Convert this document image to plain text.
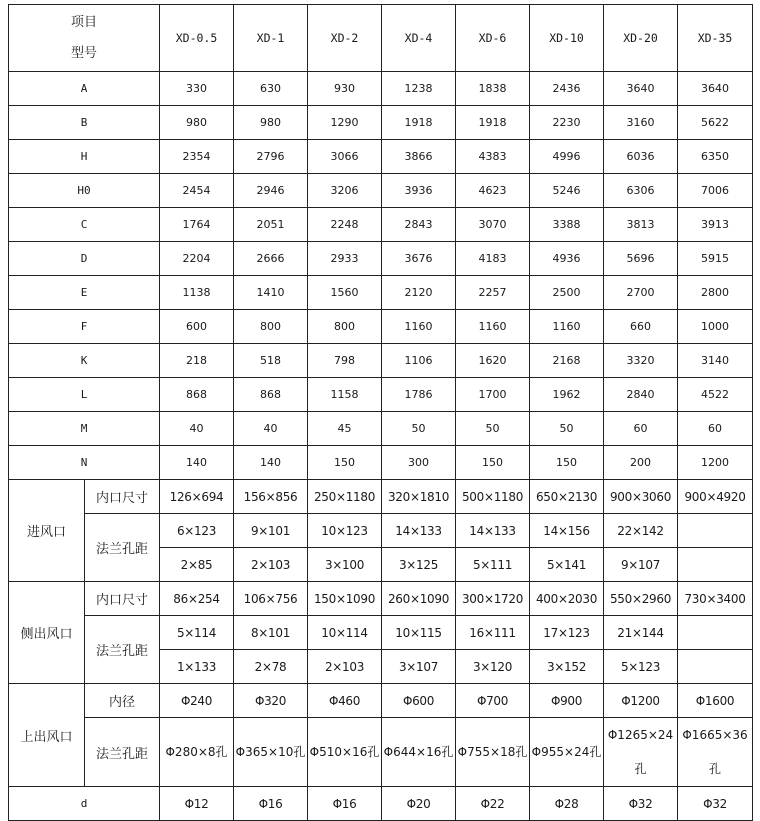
项目
型号		XD-0.5	XD-1	XD-2	XD-4	XD-6	XD-10	XD-20	XD-35
A		330	630	930	1238	1838	2436	3640	3640
B		980	980	1290	1918	1918	2230	3160	5622
H		2354	2796	3066	3866	4383	4996	6036	6350
H0		2454	2946	3206	3936	4623	5246	6306	7006
C		1764	2051	2248	2843	3070	3388	3813	3913
D		2204	2666	2933	3676	4183	4936	5696	5915
E		1138	1410	1560	2120	2257	2500	2700	2800
F		600	800	800	1160	1160	1160	660	1000
K		218	518	798	1106	1620	2168	3320	3140
L		868	868	1158	1786	1700	1962	2840	4522
M		40	40	45	50	50	50	60	60
N		140	140	150	300	150	150	200	1200
进风口	内口尺寸	126×694	156×856	250×1180	320×1810	500×1180	650×2130	900×3060	900×4920
	法兰孔距	6×123	9×101	10×123	14×133	14×133	14×156	22×142	
		2×85	2×103	3×100	3×125	5×111	5×141	9×107	
侧出风口	内口尺寸	86×254	106×756	150×1090	260×1090	300×1720	400×2030	550×2960	730×3400
	法兰孔距	5×114	8×101	10×114	10×115	16×111	17×123	21×144	
		1×133	2×78	2×103	3×107	3×120	3×152	5×123	
上出风口	内径	Φ240	Φ320	Φ460	Φ600	Φ700	Φ900	Φ1200	Φ1600
	法兰孔距	Φ280×8孔	Φ365×10孔	Φ510×16孔	Φ644×16孔	Φ755×18孔	Φ955×24孔	Φ1265×24孔	Φ1665×36孔
d		Φ12	Φ16	Φ16	Φ20	Φ22	Φ28	Φ32	Φ32
